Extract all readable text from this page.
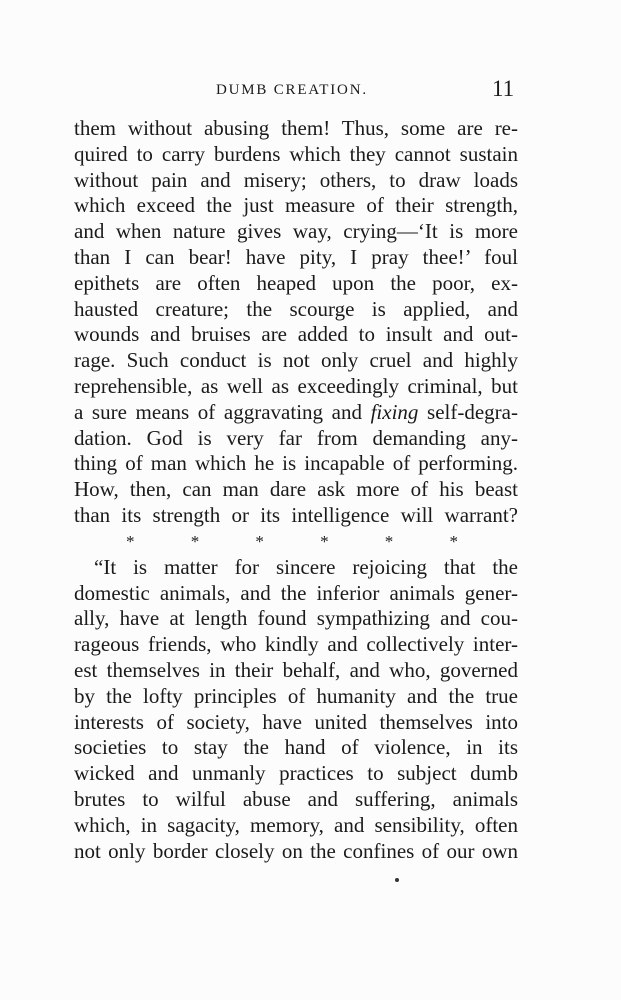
DUMB CREATION.	11
them without abusing them! Thus, some are re-
quired to carry burdens which they cannot sustain
without pain and misery; others, to draw loads
which exceed the just measure of their strength,
and when nature gives way, crying—‘It is more
than I can bear! have pity, I pray thee!’ foul
epithets are often heaped upon the poor, ex-
hausted creature; the scourge is applied, and
wounds and bruises are added to insult and out-
rage. Such conduct is not only cruel and highly
reprehensible, as well as exceedingly criminal, but
a sure means of aggravating and fixing self-degra-
dation. God is very far from demanding any-
thing of man which he is incapable of performing.
How, then, can man dare ask more of his beast
than its strength or its intelligence will warrant?
*	*	*	*	*	*
“It is matter for sincere rejoicing that the
domestic animals, and the inferior animals gener-
ally, have at length found sympathizing and cou-
rageous friends, who kindly and collectively inter-
est themselves in their behalf, and who, governed
by the lofty principles of humanity and the true
interests of society, have united themselves into
societies to stay the hand of violence, in its
wicked and unmanly practices to subject dumb
brutes to wilful abuse and suffering, animals
which, in sagacity, memory, and sensibility, often
not only border closely on the confines of our own
